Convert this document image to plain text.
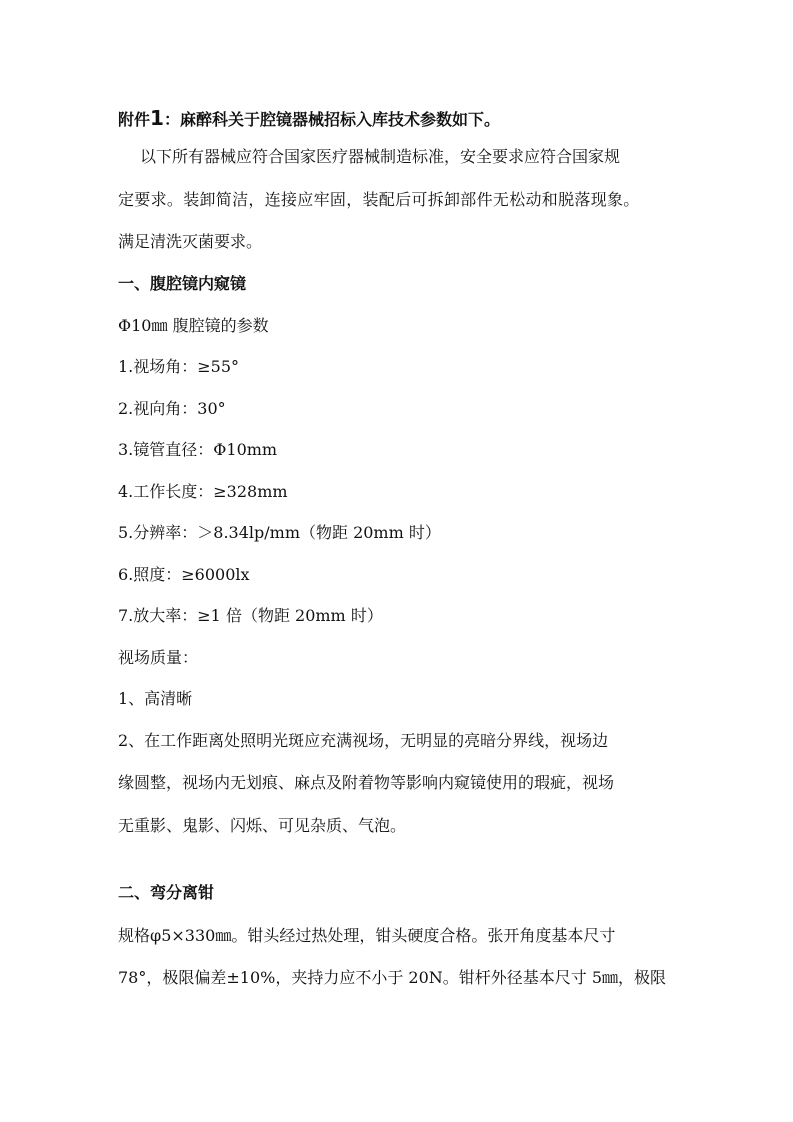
附件1：麻醉科关于腔镜器械招标入库技术参数如下。
以下所有器械应符合国家医疗器械制造标准，安全要求应符合国家规
定要求。装卸简洁，连接应牢固，装配后可拆卸部件无松动和脱落现象。
满足清洗灭菌要求。
一、腹腔镜内窥镜
Φ10㎜ 腹腔镜的参数
1.视场角：≥55°
2.视向角：30°
3.镜管直径：Φ10mm
4.工作长度：≥328mm
5.分辨率：＞8.34lp/mm（物距 20mm 时）
6.照度：≥6000lx
7.放大率：≥1 倍（物距 20mm 时）
视场质量：
1、高清晰
2、在工作距离处照明光斑应充满视场，无明显的亮暗分界线，视场边
缘圆整，视场内无划痕、麻点及附着物等影响内窥镜使用的瑕疵，视场
无重影、鬼影、闪烁、可见杂质、气泡。
二、弯分离钳
规格φ5×330㎜。钳头经过热处理，钳头硬度合格。张开角度基本尺寸
78°，极限偏差±10%，夹持力应不小于 20N。钳杆外径基本尺寸 5㎜，极限
